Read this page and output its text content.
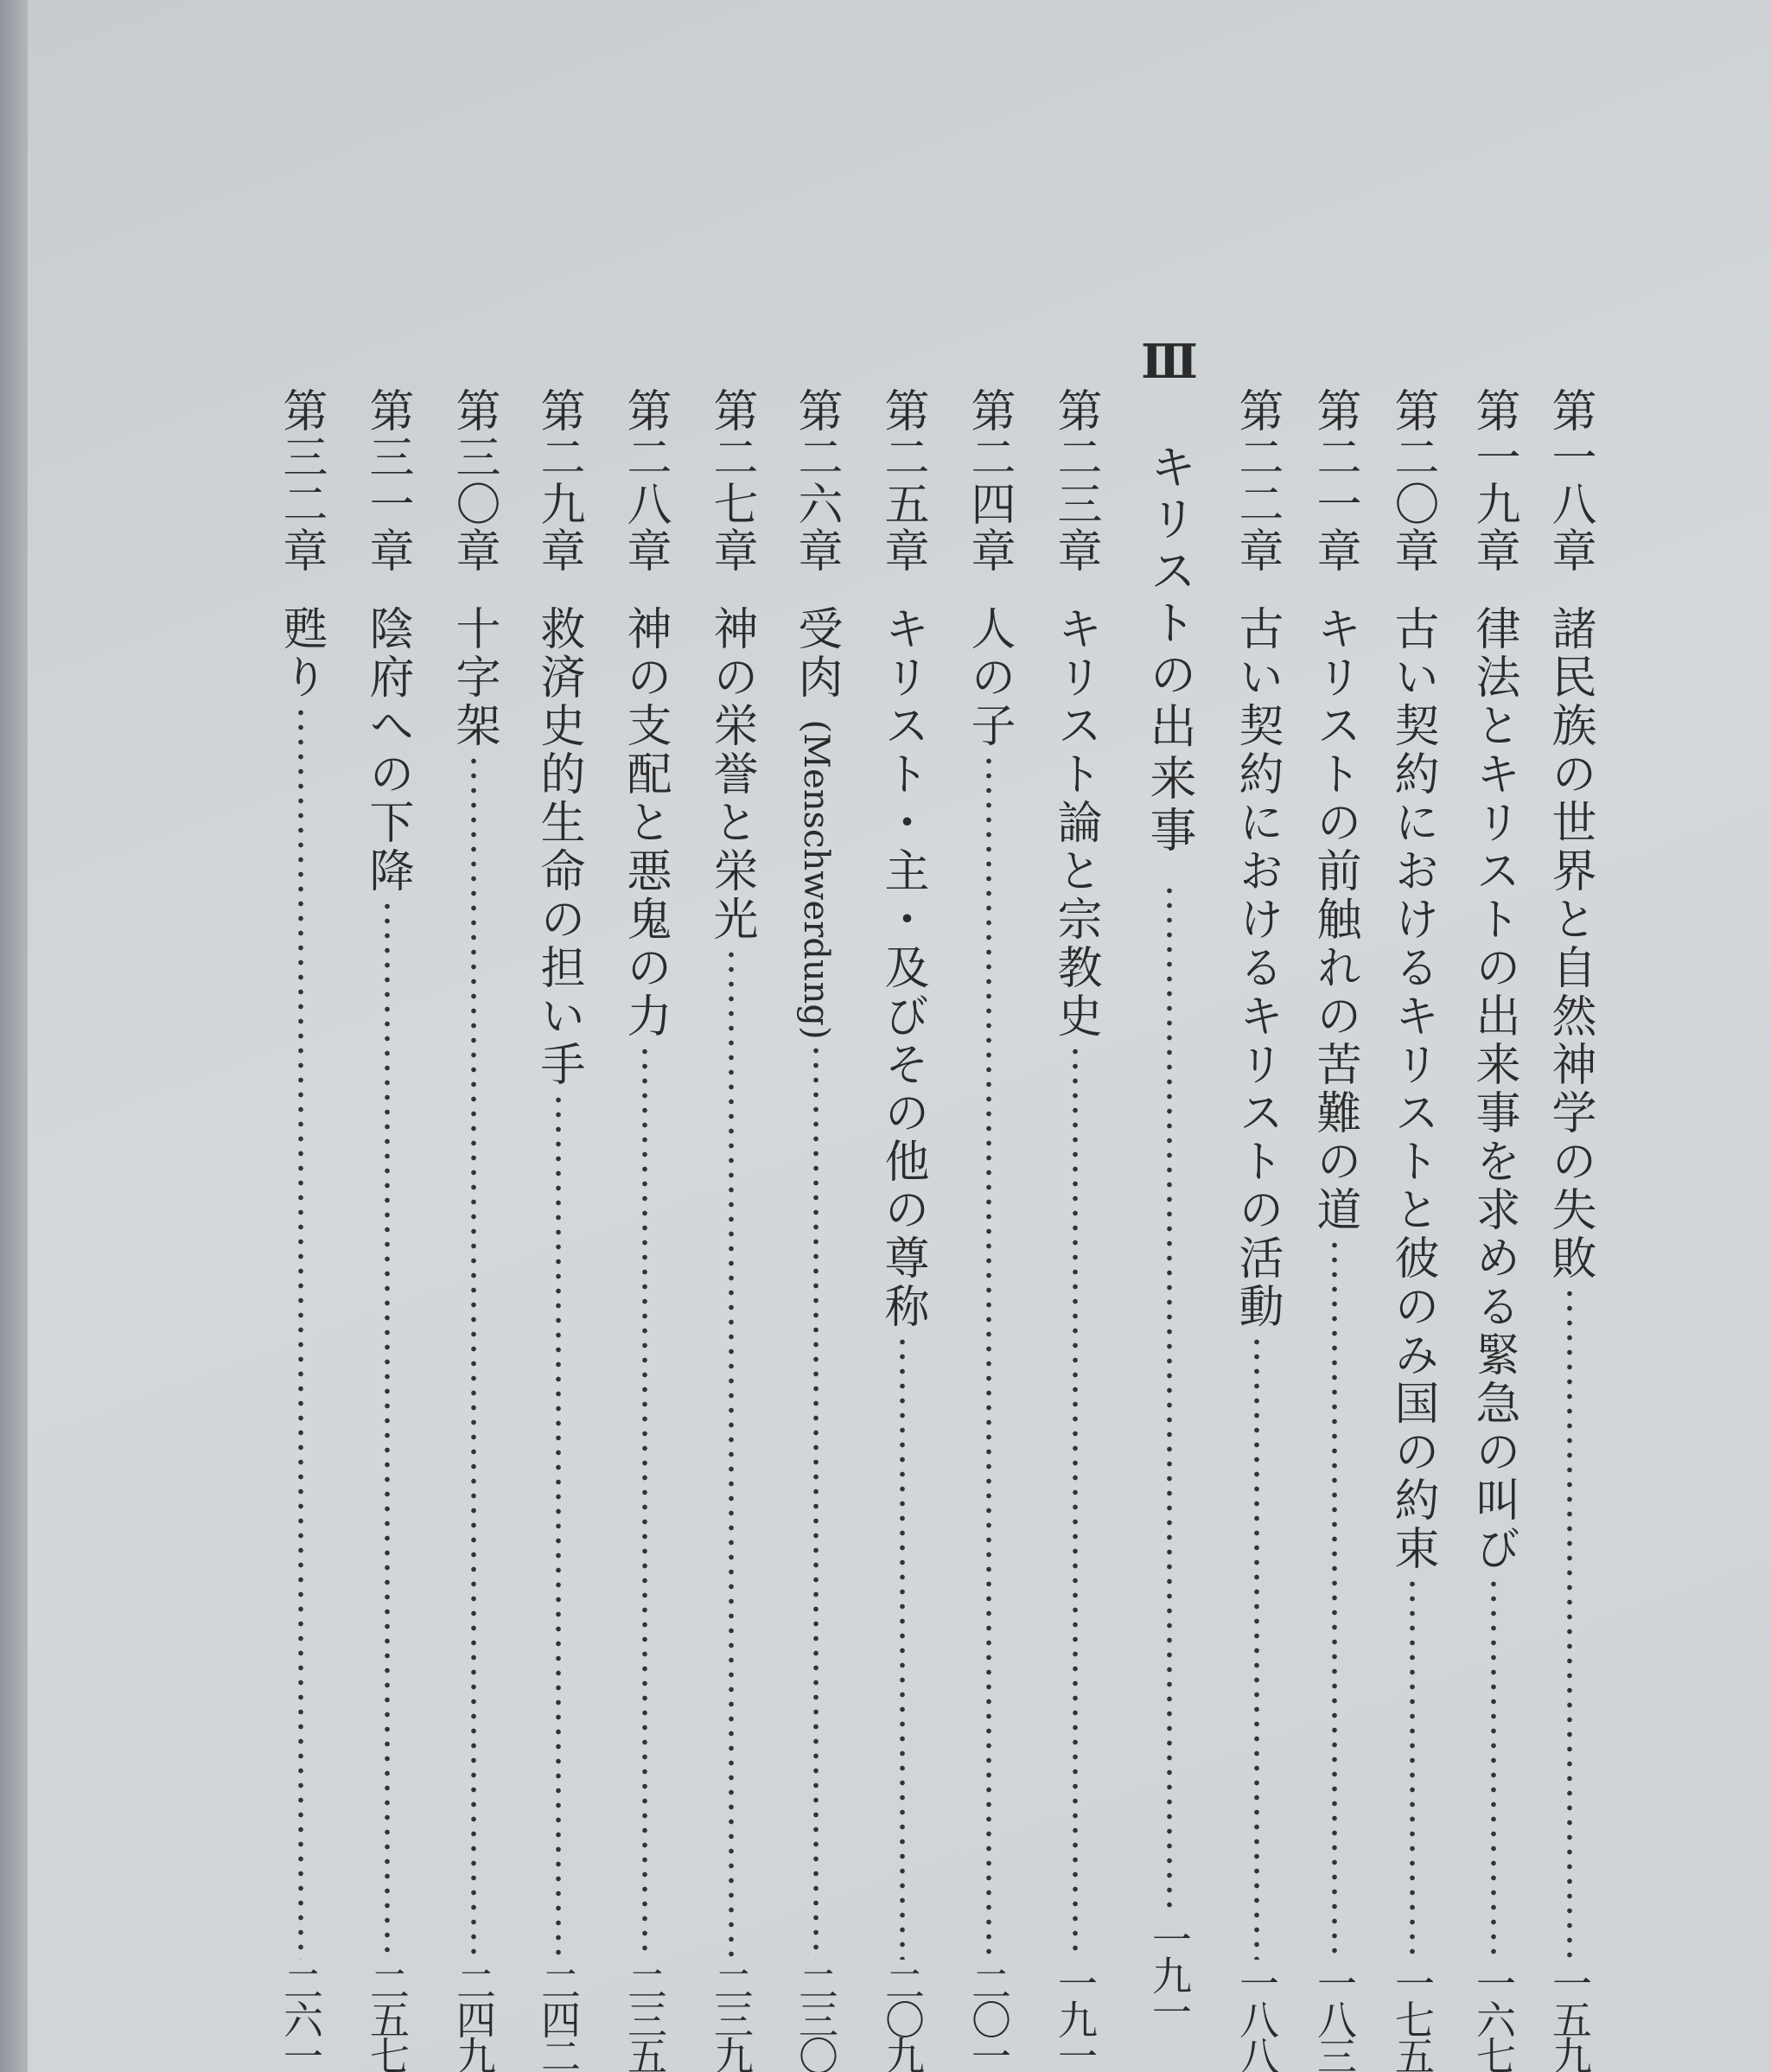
第一八章
諸民族の世界と自然神学の失敗
一五九
第一九章
律法とキリストの出来事を求める緊急の叫び
一六七
第二〇章
古い契約におけるキリストと彼のみ国の約束
一七五
第二一章
キリストの前触れの苦難の道
一八三
第二二章
古い契約におけるキリストの活動
一八八
第二三章
キリスト論と宗教史
一九一
第二四章
人の子
二〇一
第二五章
キリスト・主・及びその他の尊称
二〇九
第二六章
受肉 (Menschwerdung)
二三〇
第二七章
神の栄誉と栄光
二三九
第二八章
神の支配と悪鬼の力
二三五
第二九章
救済史的生命の担い手
二四二
第三〇章
十字架
二四九
第三一章
陰府への下降
二五七
第三二章
甦り
二六一
Ⅲ
キリストの出来事
一九一
